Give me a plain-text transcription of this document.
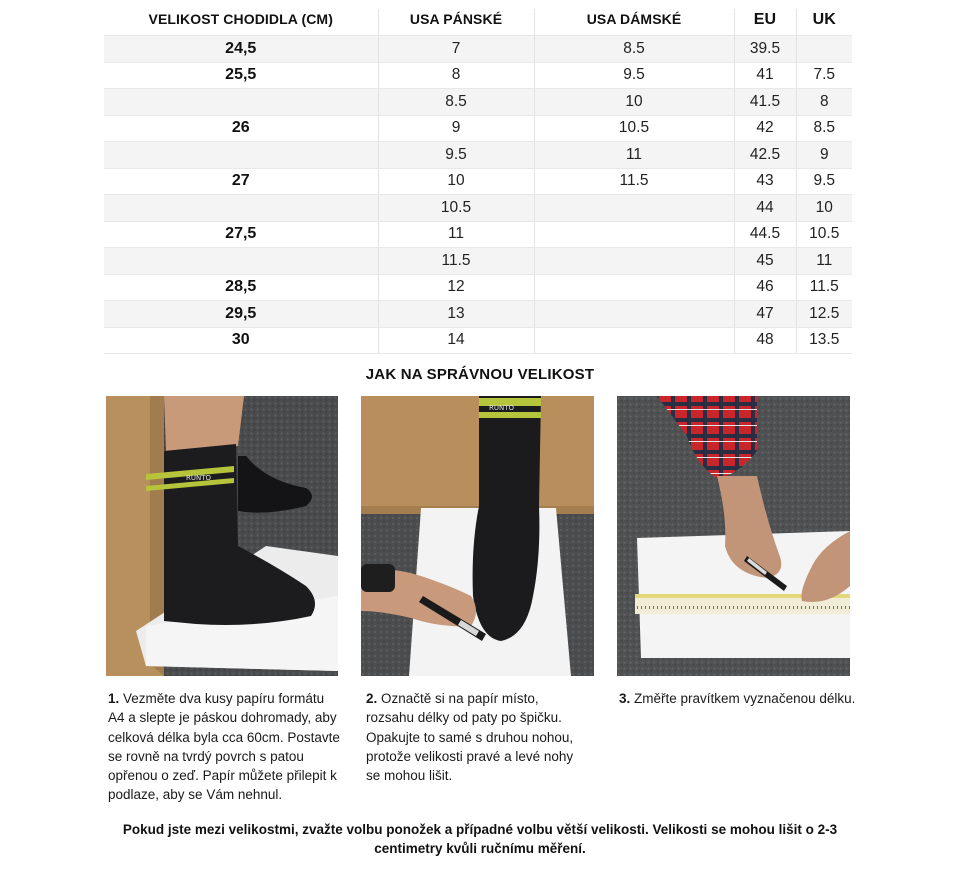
VELIKOST CHODIDLA (CM)	USA PÁNSKÉ	USA DÁMSKÉ	EU	UK
24,5	7	8.5	39.5	
25,5	8	9.5	41	7.5
	8.5	10	41.5	8
26	9	10.5	42	8.5
	9.5	11	42.5	9
27	10	11.5	43	9.5
	10.5		44	10
27,5	11		44.5	10.5
	11.5		45	11
28,5	12		46	11.5
29,5	13		47	12.5
30	14		48	13.5
JAK NA SPRÁVNOU VELIKOST
RUNTO
RUNTO
1. Vezměte dva kusy papíru formátu A4 a slepte je páskou dohromady, aby celková délka byla cca 60cm. Postavte se rovně na tvrdý povrch s patou opřenou o zeď. Papír můžete přilepit k podlaze, aby se Vám nehnul.
2. Označtě si na papír místo, rozsahu délky od paty po špičku. Opakujte to samé s druhou nohou, protože velikosti pravé a levé nohy se mohou lišit.
3. Změřte pravítkem vyznačenou délku.
Pokud jste mezi velikostmi, zvažte volbu ponožek a případné volbu větší velikosti. Velikosti se mohou lišit o 2-3 centimetry kvůli ručnímu měření.
